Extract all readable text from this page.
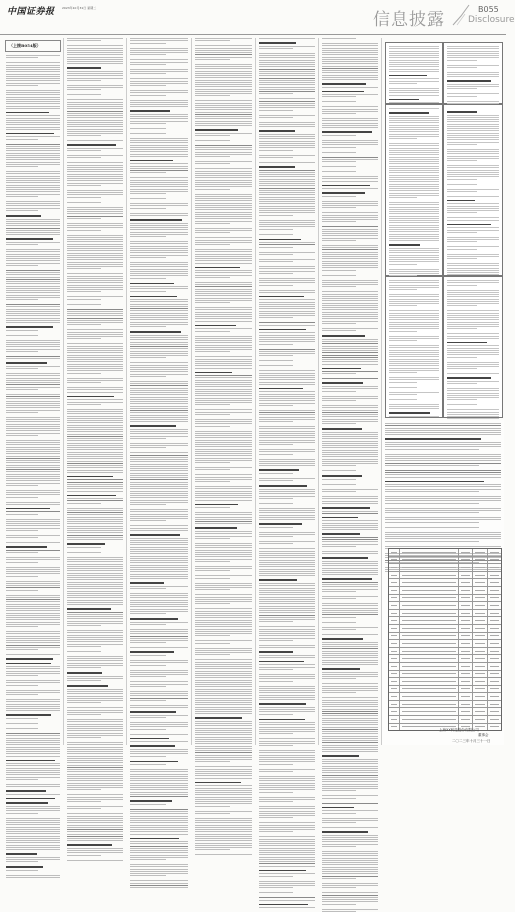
中国证券报 2023年10月31日 星期二
信息披露
B055
Disclosure
（上接B054版）
上海XX科技股份有限公司
董事会
二〇二三年十月三十一日
